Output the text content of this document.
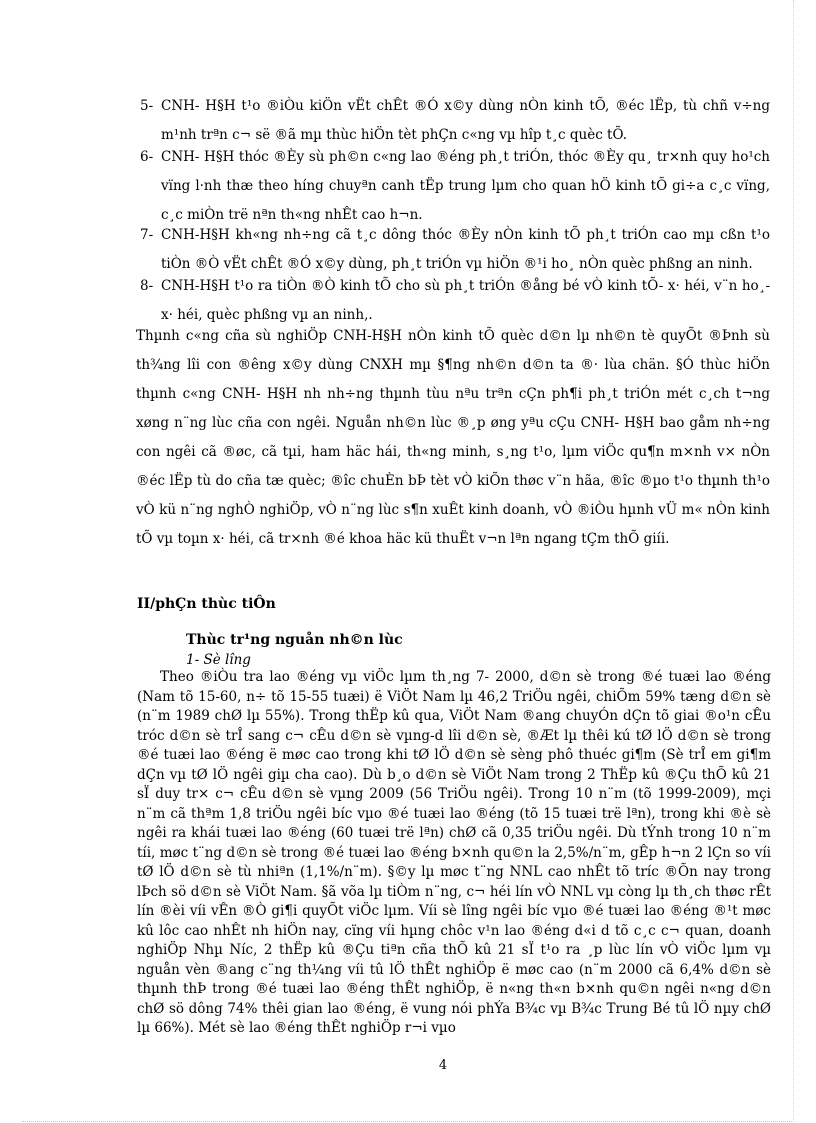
5- CNH- H§H t¹o ®iÒu kiÖn vËt chÊt ®Ó x©y dùng nÒn kinh tÕ, ®éc lËp, tù chñ v÷ng m¹nh trªn c¬ së ®ã mµ thùc hiÖn tèt phÇn c«ng vµ hîp t¸c quèc tÕ.
6- CNH- H§H thóc ®Èy sù ph©n c«ng lao ®éng ph¸t triÓn, thóc ®Èy qu¸ tr×nh quy ho¹ch vïng l·nh thæ theo híng chuyªn canh tËp trung lµm cho quan hÖ kinh tÕ gi÷a c¸c vïng, c¸c miÒn trë nªn th«ng nhÊt cao h¬n.
7- CNH-H§H kh«ng nh÷ng cã t¸c dông thóc ®Èy nÒn kinh tÕ ph¸t triÓn cao mµ cßn t¹o tiÒn ®Ò vËt chÊt ®Ó x©y dùng, ph¸t triÓn vµ hiÖn ®¹i ho¸ nÒn quèc phßng an ninh.
8- CNH-H§H t¹o ra tiÒn ®Ò kinh tÕ cho sù ph¸t triÓn ®ång bé vÒ kinh tÕ- x· héi, v¨n ho¸- x· héi, quèc phßng vµ an ninh,.
Thµnh c«ng cña sù nghiÖp CNH-H§H nÒn kinh tÕ quèc d©n lµ nh©n tè quyÕt ®Þnh sù th¾ng lîi con ®êng x©y dùng CNXH mµ §¶ng nh©n d©n ta ®· lùa chän. §Ó thùc hiÖn thµnh c«ng CNH- H§H nh nh÷ng thµnh tùu nªu trªn cÇn ph¶i ph¸t triÓn mét c¸ch t¬ng xøng n¨ng lùc cña con ngêi. Nguån nh©n lùc ®¸p øng yªu cÇu CNH- H§H bao gåm nh÷ng con ngêi cã ®øc, cã tµi, ham häc hái, th«ng minh, s¸ng t¹o, lµm viÖc qu¶n m×nh v× nÒn ®éc lËp tù do cña tæ quèc; ®îc chuÈn bÞ tèt vÒ kiÕn thøc v¨n hãa, ®îc ®µo t¹o thµnh th¹o vÒ kü n¨ng nghÒ nghiÖp, vÒ n¨ng lùc s¶n xuÊt kinh doanh, vÒ ®iÒu hµnh vÜ m« nÒn kinh tÕ vµ toµn x· héi, cã tr×nh ®é khoa häc kü thuËt v¬n lªn ngang tÇm thÕ giíi.
II/phÇn thùc tiÔn
Thùc tr¹ng nguån nh©n lùc
1- Sè lîng
Theo ®iÒu tra lao ®éng vµ viÖc lµm th¸ng 7- 2000, d©n sè trong ®é tuæi lao ®éng (Nam tõ 15-60, n÷ tõ 15-55 tuæi) ë ViÖt Nam lµ 46,2 TriÖu ngêi, chiÕm 59% tæng d©n sè (n¨m 1989 chØ lµ 55%). Trong thËp kû qua, ViÖt Nam ®ang chuyÓn dÇn tõ giai ®o¹n cÊu tróc d©n sè trÎ sang c¬ cÊu d©n sè vµng-d lîi d©n sè, ®Æt lµ thêi kú tØ lÖ d©n sè trong ®é tuæi lao ®éng ë møc cao trong khi tØ lÖ d©n sè sèng phô thuéc gi¶m (Sè trÎ em gi¶m dÇn vµ tØ lÖ ngêi giµ cha cao). Dù b¸o d©n sè ViÖt Nam trong 2 ThËp kû ®Çu thÕ kû 21 sÏ duy tr× c¬ cÊu d©n sè vµng 2009 (56 TriÖu ngêi). Trong 10 n¨m (tõ 1999-2009), mçi n¨m cã thªm 1,8 triÖu ngêi bíc vµo ®é tuæi lao ®éng (tõ 15 tuæi trë lªn), trong khi ®è sè ngêi ra khái tuæi lao ®éng (60 tuæi trë lªn) chØ cã 0,35 triÖu ngêi. Dù tÝnh trong 10 n¨m tíi, møc t¨ng d©n sè trong ®é tuæi lao ®éng b×nh qu©n la 2,5%/n¨m, gÊp h¬n 2 lÇn so víi tØ lÖ d©n sè tù nhiªn (1,1%/n¨m). §©y lµ møc t¨ng NNL cao nhÊt tõ tríc ®Õn nay trong lÞch sö d©n sè ViÖt Nam. §ã võa lµ tiÒm n¨ng, c¬ héi lín vÒ NNL vµ còng lµ th¸ch thøc rÊt lín ®èi víi vÊn ®Ò gi¶i quyÕt viÖc lµm. Víi sè lîng ngêi bíc vµo ®é tuæi lao ®éng ®¹t møc kû lôc cao nhÊt nh hiÖn nay, cïng víi hµng chôc v¹n lao ®éng d«i d tõ c¸c c¬ quan, doanh nghiÖp Nhµ Níc, 2 thËp kû ®Çu tiªn cña thÕ kû 21 sÏ t¹o ra ¸p lùc lín vÒ viÖc lµm vµ nguån vèn ®ang c¨ng th¼ng víi tû lÖ thÊt nghiÖp ë møc cao (n¨m 2000 cã 6,4% d©n sè thµnh thÞ trong ®é tuæi lao ®éng thÊt nghiÖp, ë n«ng th«n b×nh qu©n ngêi n«ng d©n chØ sö dông 74% thêi gian lao ®éng, ë vung nói phÝa B¾c vµ B¾c Trung Bé tû lÖ nµy chØ lµ 66%). Mét sè lao ®éng thÊt nghiÖp r¬i vµo
4
